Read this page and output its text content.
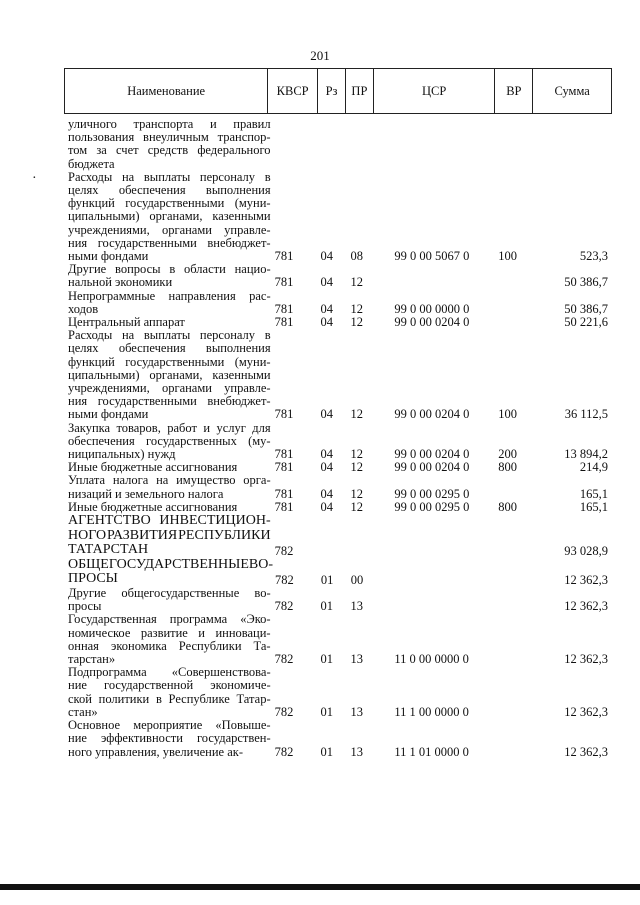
201
·
Наименование	КВСР	Рз	ПР	ЦСР	ВР	Сумма
уличного транспорта и правил
пользования внеуличным транспор-
том за счет средств федерального
бюджета
Расходы на выплаты персоналу в
целях обеспечения выполнения
функций государственными (муни-
ципальными) органами, казенными
учреждениями, органами управле-
ния государственными внебюджет-
ными фондами	781	04	08	99 0 00 5067 0	100	523,3
Другие вопросы в области нацио-
нальной экономики	781	04	12	50 386,7
Непрограммные направления рас-
ходов	781	04	12	99 0 00 0000 0	50 386,7
Центральный аппарат	781	04	12	99 0 00 0204 0	50 221,6
Расходы на выплаты персоналу в
целях обеспечения выполнения
функций государственными (муни-
ципальными) органами, казенными
учреждениями, органами управле-
ния государственными внебюджет-
ными фондами	781	04	12	99 0 00 0204 0	100	36 112,5
Закупка товаров, работ и услуг для
обеспечения государственных (му-
ниципальных) нужд	781	04	12	99 0 00 0204 0	200	13 894,2
Иные бюджетные ассигнования	781	04	12	99 0 00 0204 0	800	214,9
Уплата налога на имущество орга-
низаций и земельного налога	781	04	12	99 0 00 0295 0	165,1
Иные бюджетные ассигнования	781	04	12	99 0 00 0295 0	800	165,1
АГЕНТСТВО ИНВЕСТИЦИОН-
НОГО РАЗВИТИЯ РЕСПУБЛИКИ
ТАТАРСТАН	782	93 028,9
ОБЩЕГОСУДАРСТВЕННЫЕ ВО-
ПРОСЫ	782	01	00	12 362,3
Другие общегосударственные во-
просы	782	01	13	12 362,3
Государственная программа «Эко-
номическое развитие и инноваци-
онная экономика Республики Та-
тарстан»	782	01	13	11 0 00 0000 0	12 362,3
Подпрограмма «Совершенствова-
ние государственной экономиче-
ской политики в Республике Татар-
стан»	782	01	13	11 1 00 0000 0	12 362,3
Основное мероприятие «Повыше-
ние эффективности государствен-
ного управления, увеличение ак-	782	01	13	11 1 01 0000 0	12 362,3
